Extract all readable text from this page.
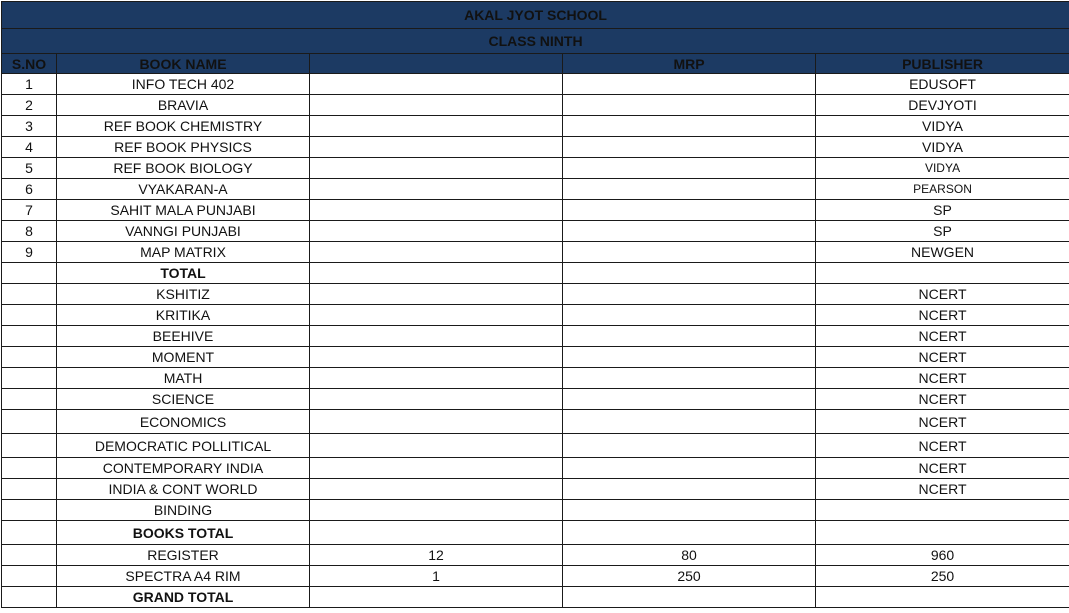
AKAL JYOT SCHOOL				
CLASS NINTH				
S.NO	BOOK NAME		MRP	PUBLISHER
1	INFO TECH 402			EDUSOFT
2	BRAVIA			DEVJYOTI
3	REF BOOK CHEMISTRY			VIDYA
4	REF BOOK PHYSICS			VIDYA
5	REF BOOK BIOLOGY			VIDYA
6	VYAKARAN-A			PEARSON
7	SAHIT MALA PUNJABI			SP
8	VANNGI PUNJABI			SP
9	MAP MATRIX			NEWGEN
	TOTAL			
	KSHITIZ			NCERT
	KRITIKA			NCERT
	BEEHIVE			NCERT
	MOMENT			NCERT
	MATH			NCERT
	SCIENCE			NCERT
	ECONOMICS			NCERT
	DEMOCRATIC POLLITICAL			NCERT
	CONTEMPORARY INDIA			NCERT
	INDIA & CONT WORLD			NCERT
	BINDING			
	BOOKS TOTAL			
	REGISTER	12	80	960
	SPECTRA A4 RIM	1	250	250
	GRAND TOTAL			
